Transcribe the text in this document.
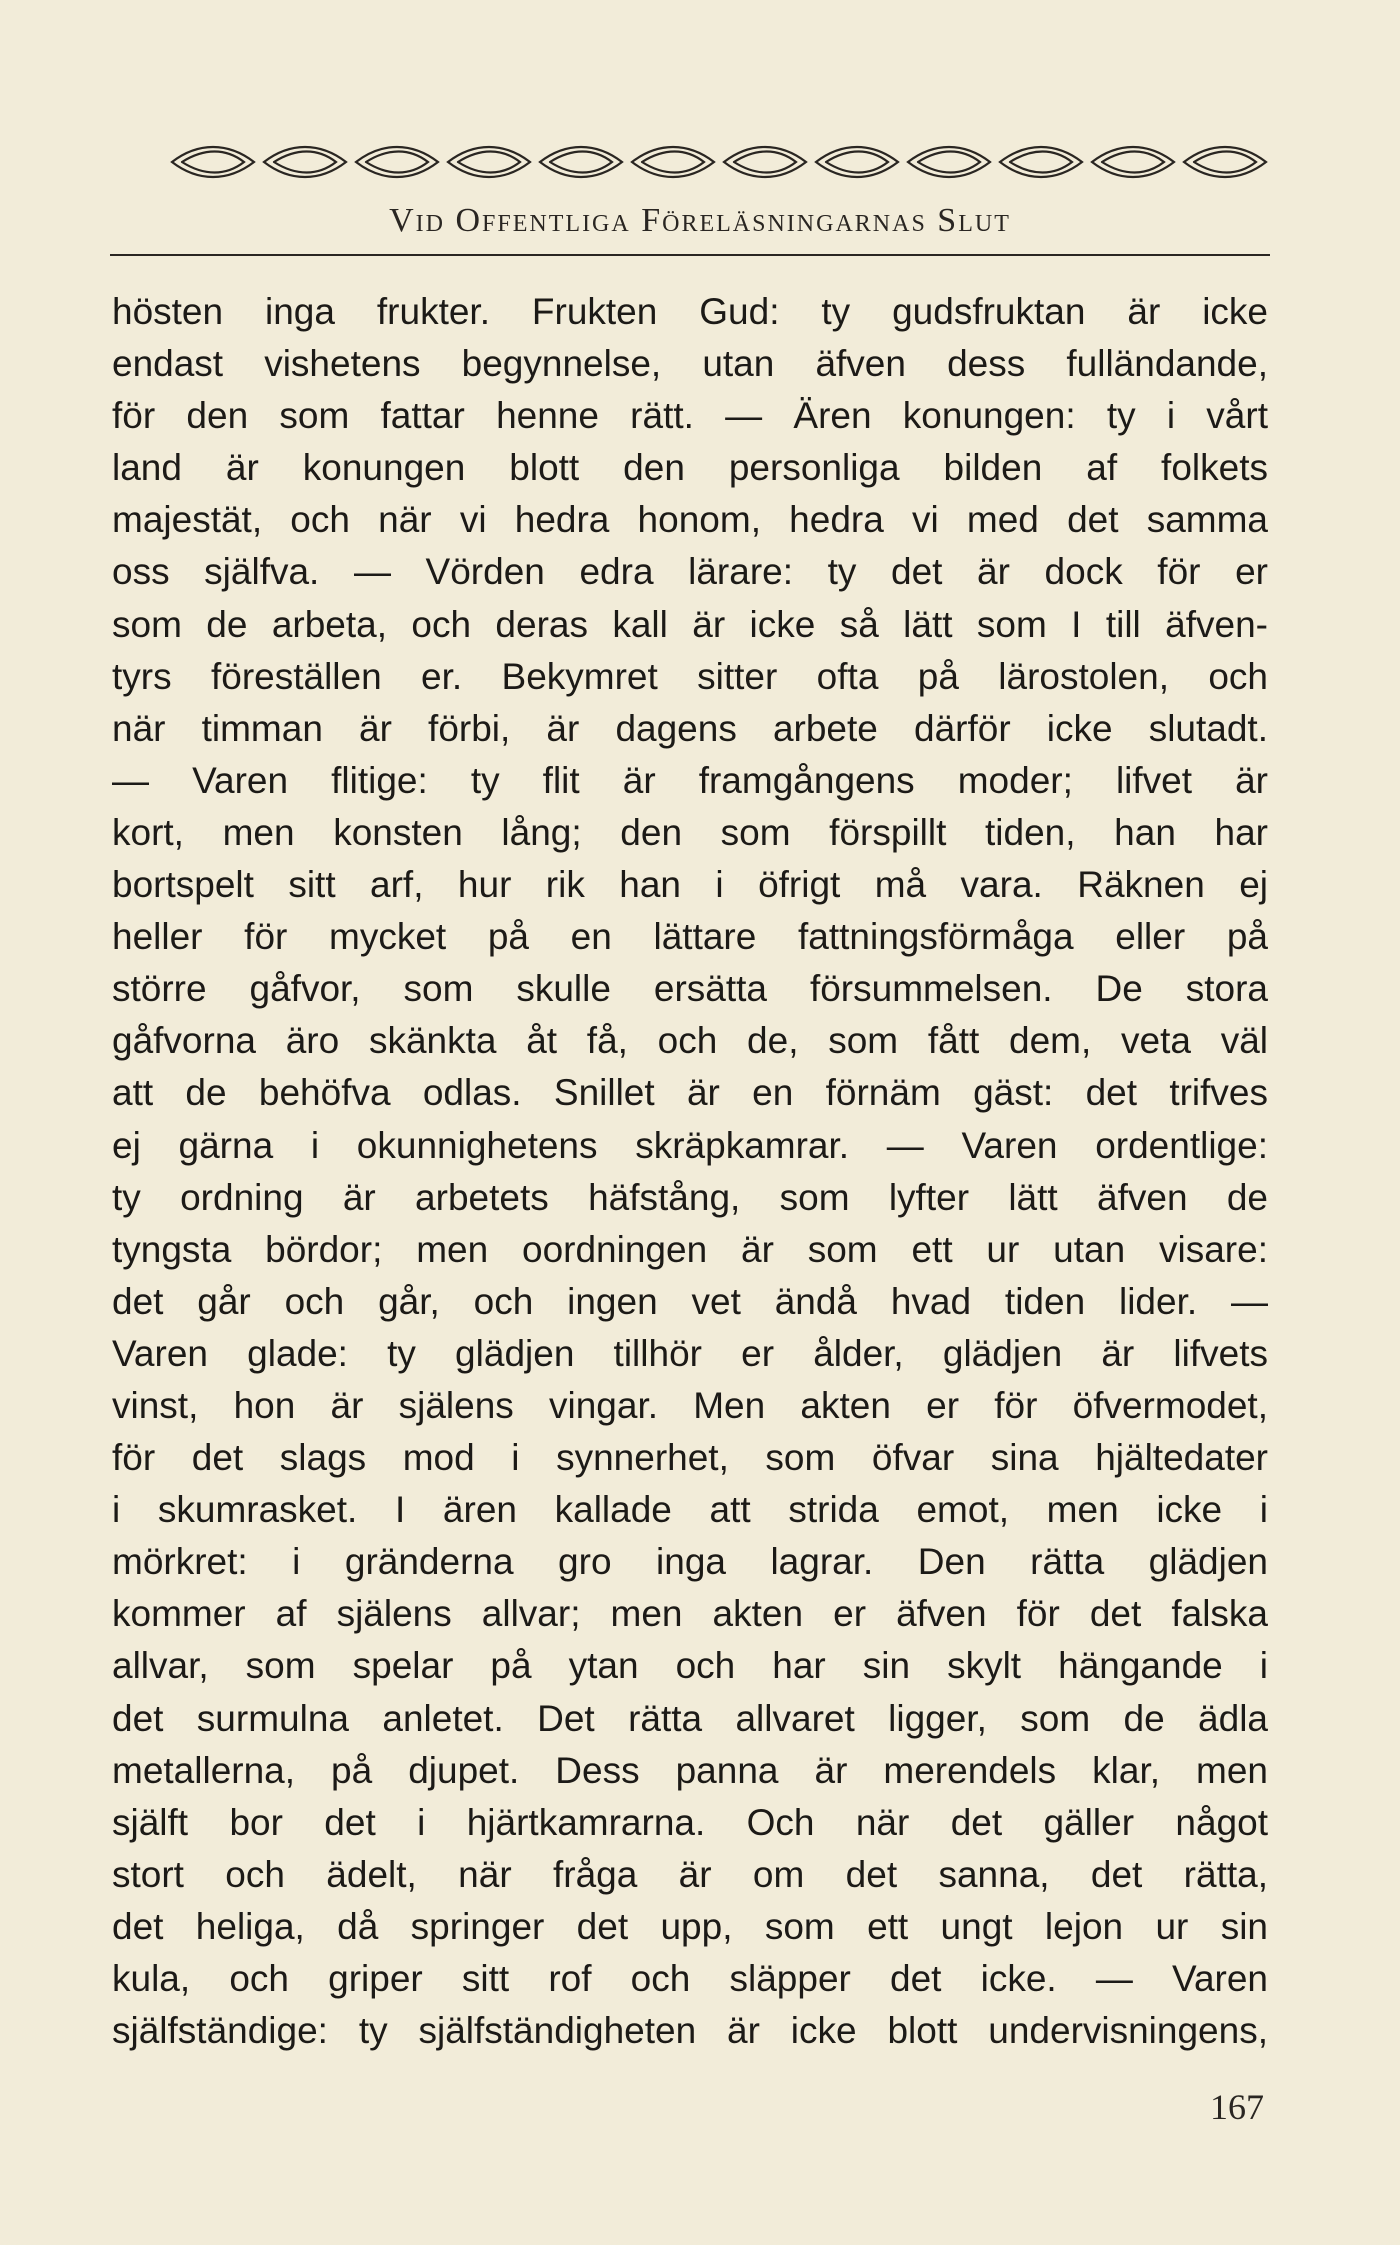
Vid Offentliga Föreläsningarnas Slut
hösten inga frukter. Frukten Gud: ty gudsfruktan är icke
endast vishetens begynnelse, utan äfven dess fulländande,
för den som fattar henne rätt. — Ären konungen: ty i vårt
land är konungen blott den personliga bilden af folkets
majestät, och när vi hedra honom, hedra vi med det samma
oss själfva. — Vörden edra lärare: ty det är dock för er
som de arbeta, och deras kall är icke så lätt som I till äfven-
tyrs föreställen er. Bekymret sitter ofta på lärostolen, och
när timman är förbi, är dagens arbete därför icke slutadt.
— Varen flitige: ty flit är framgångens moder; lifvet är
kort, men konsten lång; den som förspillt tiden, han har
bortspelt sitt arf, hur rik han i öfrigt må vara. Räknen ej
heller för mycket på en lättare fattningsförmåga eller på
större gåfvor, som skulle ersätta försummelsen. De stora
gåfvorna äro skänkta åt få, och de, som fått dem, veta väl
att de behöfva odlas. Snillet är en förnäm gäst: det trifves
ej gärna i okunnighetens skräpkamrar. — Varen ordentlige:
ty ordning är arbetets häfstång, som lyfter lätt äfven de
tyngsta bördor; men oordningen är som ett ur utan visare:
det går och går, och ingen vet ändå hvad tiden lider. —
Varen glade: ty glädjen tillhör er ålder, glädjen är lifvets
vinst, hon är själens vingar. Men akten er för öfvermodet,
för det slags mod i synnerhet, som öfvar sina hjältedater
i skumrasket. I ären kallade att strida emot, men icke i
mörkret: i gränderna gro inga lagrar. Den rätta glädjen
kommer af själens allvar; men akten er äfven för det falska
allvar, som spelar på ytan och har sin skylt hängande i
det surmulna anletet. Det rätta allvaret ligger, som de ädla
metallerna, på djupet. Dess panna är merendels klar, men
själft bor det i hjärtkamrarna. Och när det gäller något
stort och ädelt, när fråga är om det sanna, det rätta,
det heliga, då springer det upp, som ett ungt lejon ur sin
kula, och griper sitt rof och släpper det icke. — Varen
själfständige: ty själfständigheten är icke blott undervisningens,
167
